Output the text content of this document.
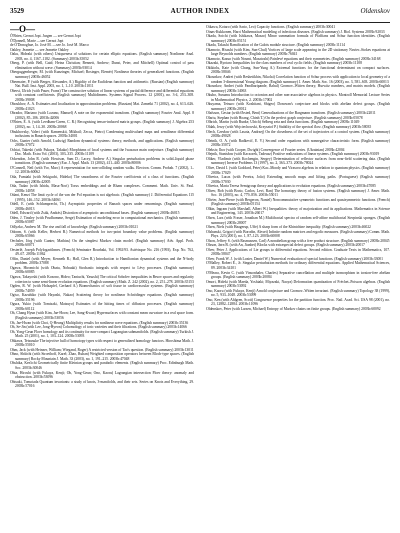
3529	AUTHOR INDEX	Oldenskov
—O—

Ó'Brien, Gernot Jopt. Jurgen — see Gernot Jopt

Ó'Donnell, Marie —see Gernot Jopt

de Ó'Donoghue, Jo. José M. —see Jo. José M. Marco

Oakley, Jeanette — see Jeanette Oakley

Oaku, Hideaki (with others) Uniqueness of solutions for certain elliptic equations. (English summary) Nonlinear Anal. 2003, no. 4, 1167–1182. (Summary) 2003b:35052

Oberg, P. (with Bell, Gaid; Heinz Christian; Bennett, Andrew; Dunst, Peter, and Mitchell) Optimal control of pass elimination without wave. (Summary) 2003b:93014

Oberguggenberger, M. (with Kunzinger, Michael; Rosinger, Elemér) Nonlinear theories of generalized functions. (English summary) 2003b:46052

Obermaier, P. (with Berger, Alexander, A.) Rigidity of the Euclidean function and arithmetic. (Russian) (English summary) Nat. Bull. Inst. Appl. 2003, no. 1, 1–10. 2003b:11011

Oberst, Ulrich (with Pauer, Franz) The constructive solution of linear systems of partial difference and differential equations with constant coefficients. (English summary) Multidimens. Systems Signal Process. 12 (2001), no. 3-4, 253–308. 2003b:39008

Oboukhov, A. A. Estimates and localization in approximation problems. (Russian) Mat. Zametki 71 (2002), no. 4, 613–626. 2003b:41023

Obrador, Mariano (with Lozano, Manuel) A note on the exponential transform. (English summary) Fourier Anal. Appl. 8 (2002), 85–106. 2003b:42006

O'Brien, E. A. (with Leedham-Green, C. R.) Recognising tensor-induced matrix groups. (English summary) J. Algebra 253 (2002), no. 1, 14–30. 2003b:20068

Obukhovsky, Valeri (with Kamenskii, Mikhail; Zecca, Pietro) Condensing multivalued maps and semilinear differential inclusions in Banach spaces. 2003b:34001

Ochs, Gunter (with Arnold, Ludwig) Random dynamical systems: theory, methods, and applications. (English summary) 2003b:37072

Ochiai, Takeshi (with Fukaya, Takako) Morphisms of local systems and the Iwasawa main conjecture. (English summary) Doc. Math. Extra Vol. (2003), 303–335. 2003b:11109

Ockendon, John R. (with Howison, Sam D.; Lacey, Andrew A.) Singular perturbation problems in solid–liquid phase transitions. (English summary) Eur. J. Appl. Math. 13 (2002), 411–440. 2003b:80006

O'Connell, Neil (with Yor, Marc) A representation for non-colliding random walks. Electron. Comm. Probab. 7 (2002), 1–12. 2003b:60062

Oda, Fumiaki (with Sekiguchi, Hideko) The smoothness of the Fourier coefficients of a class of functions. (English summary) 2003b:42005

Oda, Tadao (with Ishida, Masa-Nori) Torus embeddings and de Rham complexes. Comment. Math. Univ. St. Paul. 2003b:14058

Odani, Kenzi The limit cycle of the van der Pol equation is not algebraic. (English summary) J. Differential Equations 115 (1995), 146–152. 2003b:34061

Odell, E. (with Schlumprecht, Th.) Asymptotic properties of Banach spaces under renormings. (English summary) 2003b:46013

Odell, Edward (with Zsák, András) Distortion of asymptotic unconditional bases. (English summary) 2003b:46015

Oden, J. Tinsley (with Prudhomme, Serge) Estimation of modeling error in computational mechanics. (English summary) 2003b:65087

Odlyzko, Andrew M. The rise and fall of knowledge. (English summary) 2003b:01021

Odoom, S. (with Keller, Herbert B.) Numerical methods for two-point boundary value problems. (English summary) 2003b:65066

Oechsler, Jörg (with Gunter, Mathias) On the simplest Markov chain model. (English summary) Adv. Appl. Prob. 2003b:60071

Oesterlé, Joseph Polylogarithmes. (French) Séminaire Bourbaki, Vol. 1992/93. Astérisque No. 216 (1993), Exp. No. 762, 49–67. 2003b:11062

Offin, Daniel (with Meyer, Kenneth R.; Hall, Glen R.) Introduction to Hamiltonian dynamical systems and the N-body problem. 2003b:37088

Ogawa, Hiromichi (with Obata, Nobuaki) Stochastic integrals with respect to Lévy processes. (English summary) 2003b:60085

Ogawa, Takayoshi (with Kozono, Hideo; Taniuchi, Yasushi) The critical Sobolev inequalities in Besov spaces and regularity criterion to some semi-linear evolution equations. (English summary) Math. Z. 242 (2002), no. 2, 251–278. 2003b:35153

Ogden, R. W. (with Holzapfel, Gerhard A.) Biomechanics of soft tissue in cardiovascular systems. (English summary) 2003b:74059

Ogiso, Kazuhiko (with Hayashi, Nakao) Scattering theory for nonlinear Schrödinger equations. (English summary) 2003b:35196

Ogura, Yukio (with Tomisaki, Matsuyo) Estimates of the hitting times of diffusion processes. (English summary) 2003b:60112

Oh, Chang Hyun (with Kim, Jae-Hoon; Lee, Sang-Kwan) Hypersurfaces with constant mean curvature in a real space form. (English summary) 2003b:53056

Oh, Jae-Hwan (with Choi, Q-Heung) Multiplicity results for nonlinear wave equations. (English summary) 2003b:35136

Oh, Se-Jin (with Lee, Jong-Hyeon) Cohomology of toric varieties and their filtrations. (English summary) 2003b:14066

Oh, Yong-Geun Floer homology and its continuity for non-compact Lagrangian submanifolds. (English summary) Turkish J. Math. 25 (2001), no. 1, 103–124. 2003b:53093

Ohkawa, Tetsusuke The injective hull of homotopy types with respect to generalized homology functors. Hiroshima Math. J. 2003b:55010

Ohm, Jack (with Heinzer, William; Wiegand, Roger) A restricted version of Tao's question. (English summary) 2003b:13011

Ohno, Shûichi (with Stroethoff, Karel; Zhao, Ruhan) Weighted composition operators between Bloch-type spaces. (English summary) Rocky Mountain J. Math. 33 (2003), no. 1, 191–215. 2003b:47048

Ohshika, Ken'ichi Geometrically finite Kleinian groups and parabolic elements. (English summary) Proc. Edinburgh Math. Soc. 2003b:30046

Ohta, Hiroshi (with Fukaya, Kenji; Oh, Yong-Geun; Ono, Kaoru) Lagrangian intersection Floer theory: anomaly and obstruction. 2003b:53096

Ohtsuki, Tomotada Quantum invariants: a study of knots, 3-manifolds, and their sets. Series on Knots and Everything, 29. 2003b:57016

Oikawa, Kotaro (with Sario, Leo) Capacity functions. (English summary) 2003b:30041

Oinas-Kukkonen, Harri Mathematical modeling of infectious diseases. (English summary) J. Biol. Systems 2003b:92033

Okada, Soichi (with Ishikawa, Masao) Minor summation formula of Pfaffians and Schur function identities. (English summary) 2003b:05151

Okada, Takashi Ramification of the Galois module structure. (English summary) 2003b:11114

Okamoto, Hisashi (with Kim, Sun-Chul) Vortices of large scale appearing in the 2D stationary Navier–Stokes equations at large Reynolds numbers. (English summary) 2003b:76041

Okamoto, Kazuo (with Noumi, Masatoshi) Painlevé equations and their symmetries. (English summary) 2003b:34168

Okazaki, Ryotaro Inequalities for the class numbers of real cyclic fields. (English summary) 2003b:11108

Okikiolu, Kate (with Chang, Sun-Yung A.) Extremal functions for the functional determinant on compact surfaces. 2003b:58046

Okounkov, Andrei (with Reshetikhin, Nikolai) Correlation function of Schur process with application to local geometry of a random 3-dimensional Young diagram. (English summary) J. Amer. Math. Soc. 16 (2003), no. 3, 581–603. 2003b:60013

Okounkov, Andrei (with Pandharipande, Rahul) Gromov–Witten theory, Hurwitz numbers, and matrix models. (English summary) 2003b:14063

Okubo, Susumu Introduction to octonion and other non-associative algebras in physics. Montroll Memorial Lecture Series in Mathematical Physics, 2. 2003b:17002

Okuyama, Tetsuro (with Koshitani, Shigeo) Donovan's conjecture and blocks with abelian defect groups. (English summary) 2003b:20012

Olafsson, Gestur (with Ørsted, Bent) Generalizations of the Bargmann transform. (English summary) 2003b:22011

Olariu, Stephan (with Hoang, Chinh T.) On the perfect graph conjecture. (English summary) 2003b:05078

Olbrich, Martin (with Bunke, Ulrich) Selberg zeta and theta functions. (English summary) 2003b:11049

Oldak, Jerzy (with Wojciechowski, Krzysztof P.) Stability of the spectral flow. (English summary) 2003b:58035

Olech, Czesław (with Lasota, Andrzej) On the closedness of the set of trajectories of a control system. (English summary) 2003b:49028

Oleinik, O. A. (with Radkevič, E. V.) Second order equations with nonnegative characteristic form. (English summary) 2003b:35072

Oleksiv, Ihor (with Cooper, Dwight) Convergence of Fourier series. (Ukrainian) 2003b:42004

Olejnik, Stanisław (with Kaczorek, Tadeusz) Positive realizations of linear systems. (English summary) 2003b:93019

Oliker, Vladimir (with Kochengin, Sergey) Determination of reflector surfaces from near-field scattering data. (English summary) Inverse Problems 13 (1997), no. 2, 363–373. 2003b:78024

Olive, David I. (with Goddard, Peter) Kac–Moody and Virasoro algebras in relation to quantum physics. (English summary) 2003b:17029

Oliveira, Lucas (with Pereira, João) Extending smooth maps and lifting paths. (Portuguese) (English summary) 2003b:57030

Oliveira, Maria Teresa Semigroup theory and applications to evolution equations. (English summary) 2003b:47085

Oliver, Bob (with Broto, Carlos; Levi, Ran) The homotopy theory of fusion systems. (English summary) J. Amer. Math. Soc. 16 (2003), no. 4, 779–856. 2003b:55011

Olivier, Jean-Pierre (with Bergeron, Nantel) Noncommutative symmetric functions and quasisymmetric functions. (French) (English summary) 2003b:05154

Olkin, Ingram (with Marshall, Albert W.) Inequalities: theory of majorization and its applications. Mathematics in Science and Engineering, 143. 2003b:26017

Olsen, Lars (with Fraser, Jonathan M.) Multifractal spectra of random self-affine multifractal Sierpinski sponges. (English summary) 2003b:28007

Olsen, Niels (with Haagerup, Uffe) A sharp form of the Khintchine inequality. (English summary) 2003b:46022

Olshanski, Grigori (with Borodin, Alexei) Infinite random matrices and ergodic measures. (English summary) Comm. Math. Phys. 223 (2001), no. 1, 87–123. 2003b:60008

Olson, Jeffrey S. (with Rasmussen, Carl) A nonabelian group with a free product structure. (English summary) 2003b:20045

Olsson, Jørn B. (with An, Jianbei) Blocks with extraspecial defect groups. (English summary) 2003b:20017

Olver, Peter J. Applications of Lie groups to differential equations. Second edition. Graduate Texts in Mathematics, 107. 2003b:58047

Olver, Frank W. J. (with Lozier, Daniel W.) Numerical evaluation of special functions. (English summary) 2003b:33001

O'Malley, Robert E., Jr. Singular perturbation methods for ordinary differential equations. Applied Mathematical Sciences, 89. 2003b:34101

O'Meara, Kevin C. (with Vinsonhaler, Charles) Separative cancellation and multiple isomorphism in torsion-free abelian groups. (English summary) 2003b:20084

Omori, Hideki (with Maeda, Yoshiaki; Miyazaki, Naoya) Deformation quantization of Fréchet–Poisson algebras. (English summary) 2003b:53092

Ono, Kaoru (with Fukaya, Kenji) Arnold conjecture and Gromov–Witten invariant. (English summary) Topology 38 (1999), no. 5, 933–1048. 2003b:53099

Ono, Ken (with Ahlgren, Scott) Congruence properties for the partition function. Proc. Natl. Acad. Sci. USA 98 (2001), no. 23, 12882–12884. 2003b:11096

Oldenskov, Peter (with Larsen, Michael) Entropy of Markov chains on finite groups. (English summary) 2003b:60092
